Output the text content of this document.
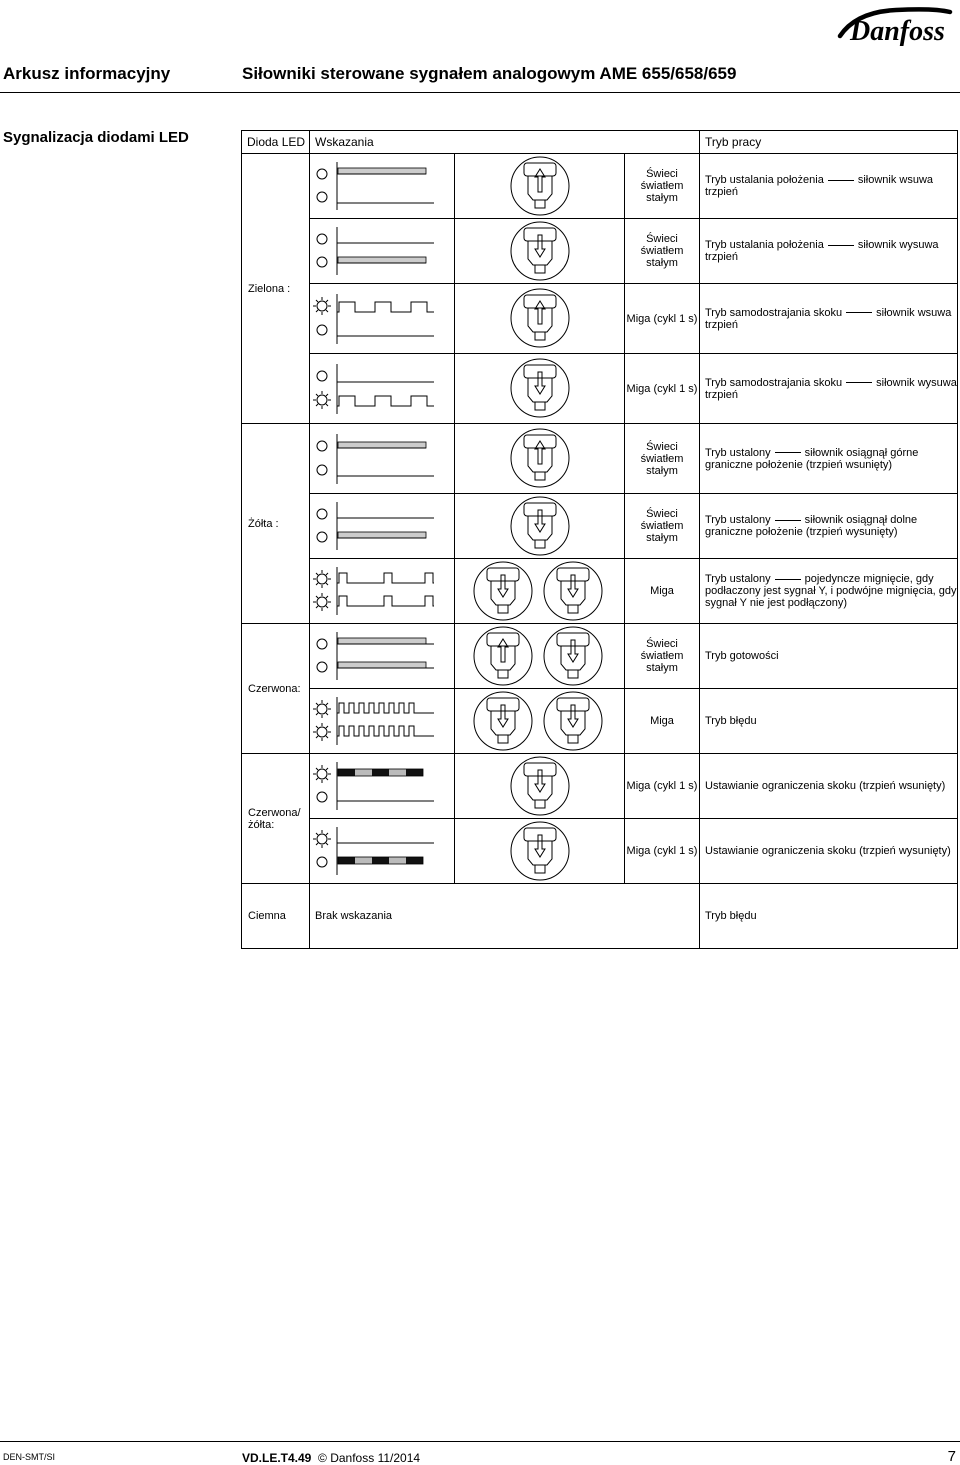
Danfoss
Arkusz informacyjny	Siłowniki sterowane sygnałem analogowym AME 655/658/659
Sygnalizacja diodami LED	Dioda LED	Wskazania			Tryb pracy
Zielona :			Świeci światłem stałym	Tryb ustalania położenia siłownik wsuwa trzpień

	Świeci światłem stałym	Tryb ustalania położenia siłownik wysuwa trzpień

	Miga (cykl 1 s)	Tryb samodostrajania skoku siłownik wsuwa trzpień

	Miga (cykl 1 s)	Tryb samodostrajania skoku siłownik wysuwa trzpień
Żółta :			Świeci światłem stałym	Tryb ustalony siłownik osiągnął górne graniczne położenie (trzpień wsunięty)

	Świeci światłem stałym	Tryb ustalony siłownik osiągnął dolne graniczne położenie (trzpień wysunięty)

	Miga	Tryb ustalony pojedyncze mignięcie, gdy podłaczony jest sygnał Y, i podwójne mignięcia, gdy sygnał Y nie jest podłączony)
Czerwona:			Świeci światłem stałym	Tryb gotowości

	Miga	Tryb błędu
Czerwona/ żółta:			Miga (cykl 1 s)	Ustawianie ograniczenia skoku (trzpień wsunięty)

	Miga (cykl 1 s)	Ustawianie ograniczenia skoku (trzpień wysunięty)
Ciemna	Brak wskazania			Tryb błędu
DEN-SMT/SI	VD.LE.T4.49 © Danfoss 11/2014	7
